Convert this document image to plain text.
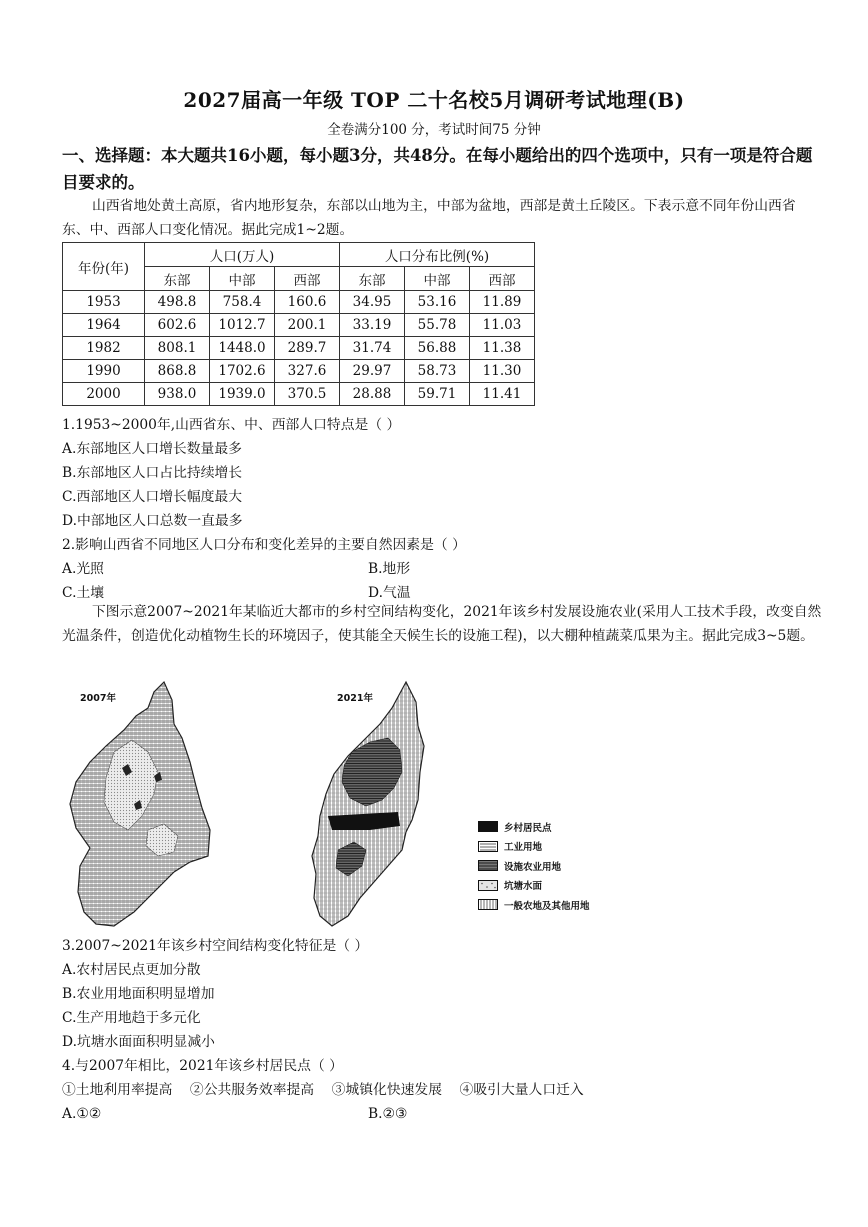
2027届高一年级 TOP 二十名校5月调研考试地理(B)
全卷满分100 分，考试时间75 分钟
一、选择题：本大题共16小题，每小题3分，共48分。在每小题给出的四个选项中，只有一项是符合题目要求的。
山西省地处黄土高原，省内地形复杂，东部以山地为主，中部为盆地，西部是黄土丘陵区。下表示意不同年份山西省东、中、西部人口变化情况。据此完成1~2题。
年份(年)	人口(万人)			人口分布比例(%)		
	东部	中部	西部	东部	中部	西部
1953	498.8	758.4	160.6	34.95	53.16	11.89
1964	602.6	1012.7	200.1	33.19	55.78	11.03
1982	808.1	1448.0	289.7	31.74	56.88	11.38
1990	868.8	1702.6	327.6	29.97	58.73	11.30
2000	938.0	1939.0	370.5	28.88	59.71	11.41
1.1953~2000年,山西省东、中、西部人口特点是（ ）
A.东部地区人口增长数量最多
B.东部地区人口占比持续增长
C.西部地区人口增长幅度最大
D.中部地区人口总数一直最多
2.影响山西省不同地区人口分布和变化差异的主要自然因素是（ ）
A.光照	B.地形
C.土壤	D.气温
下图示意2007~2021年某临近大都市的乡村空间结构变化，2021年该乡村发展设施农业(采用人工技术手段，改变自然光温条件，创造优化动植物生长的环境因子，使其能全天候生长的设施工程)，以大棚种植蔬菜瓜果为主。据此完成3~5题。
2007年	2021年
乡村居民点
工业用地
设施农业用地
坑塘水面
一般农地及其他用地
3.2007~2021年该乡村空间结构变化特征是（ ）
A.农村居民点更加分散
B.农业用地面积明显增加
C.生产用地趋于多元化
D.坑塘水面面积明显减小
4.与2007年相比，2021年该乡村居民点（ ）
①土地利用率提高    ②公共服务效率提高    ③城镇化快速发展    ④吸引大量人口迁入
A.①②	B.②③
